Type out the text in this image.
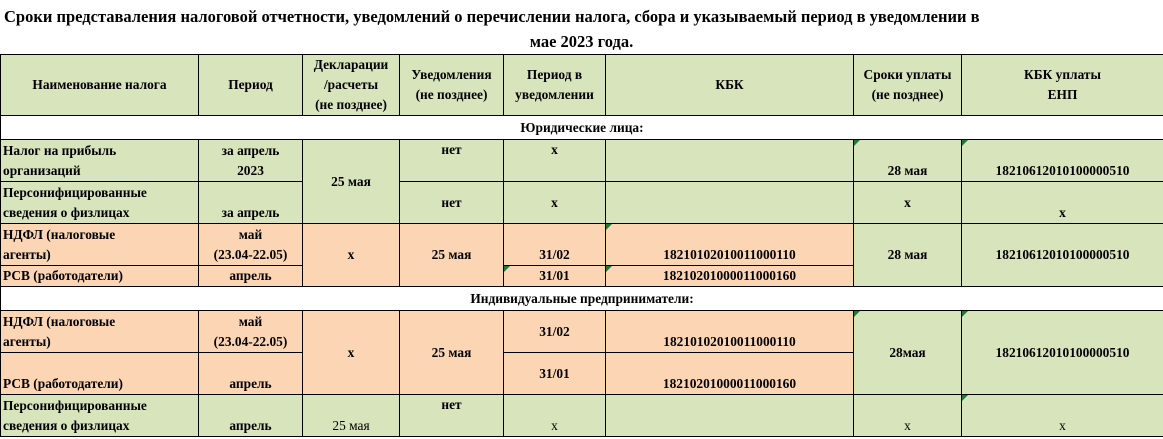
Сроки представаления налоговой отчетности, уведомлений о перечислении налога, сбора и указываемый период в уведомлении в
мае 2023 года.
Наименование налога	Период	Декларации
/расчеты
(не позднее)	Уведомления
(не позднее)	Период в
уведомлении	КБК	Сроки уплаты
(не позднее)	КБК уплаты
ЕНП

Юридические лица:							

Налог на прибыль
организаций	за апрель
2023	25 мая	нет	х		28 мая	18210612010100000510

Персонифицированные
сведения о физлицах	за апрель		нет	х		х	х

НДФЛ (налоговые
агенты)	май
(23.04-22.05)	х	25 мая	31/02	18210102010011000110	28 мая	18210612010100000510
РСВ (работодатели)	апрель			31/01	18210201000011000160		
Индивидуальные предприниматели:							

НДФЛ (налоговые
агенты)	май
(23.04-22.05)	х	25 мая	31/02	18210102010011000110	28мая	18210612010100000510
РСВ (работодатели)	апрель			31/01	18210201000011000160		

Персонифицированные
сведения о физлицах	апрель	25 мая	нет	х		х	х
